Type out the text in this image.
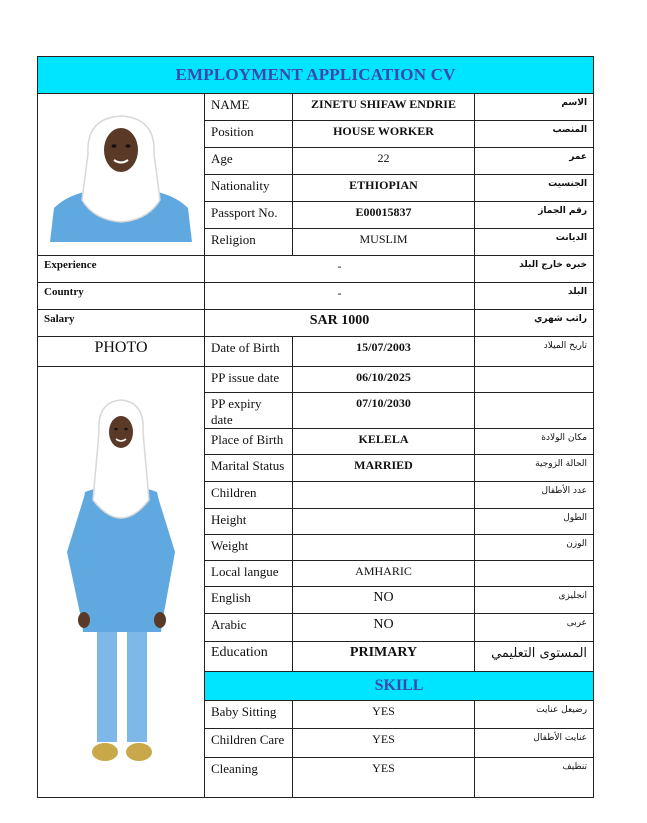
EMPLOYMENT APPLICATION CV			

	NAME	ZINETU SHIFAW ENDRIE	الاسم
	Position	HOUSE WORKER	المنصب
	Age	22	عمر
	Nationality	ETHIOPIAN	الجنسيت
	Passport No.	E00015837	رقم الجماز
	Religion	MUSLIM	الديانت
Experience	-		خبره خارج البلد
Country	-		البلد
Salary	SAR 1000		راتب شهري
PHOTO	Date of Birth	15/07/2003	تاريخ الميلاد

	PP issue date	06/10/2025	
	PP expiry date	07/10/2030	
	Place of Birth	KELELA	مكان الولادة
	Marital Status	MARRIED	الحالة الزوجية
	Children		عدد الأطفال
	Height		الطول
	Weight		الوزن
	Local langue	AMHARIC	
	English	NO	انجليزى
	Arabic	NO	عربى
	Education	PRIMARY	المستوى التعليمي
	SKILL		
	Baby Sitting	YES	رضيعل عنايت
	Children Care	YES	عنايت الأطفال
	Cleaning	YES	تنظيف
